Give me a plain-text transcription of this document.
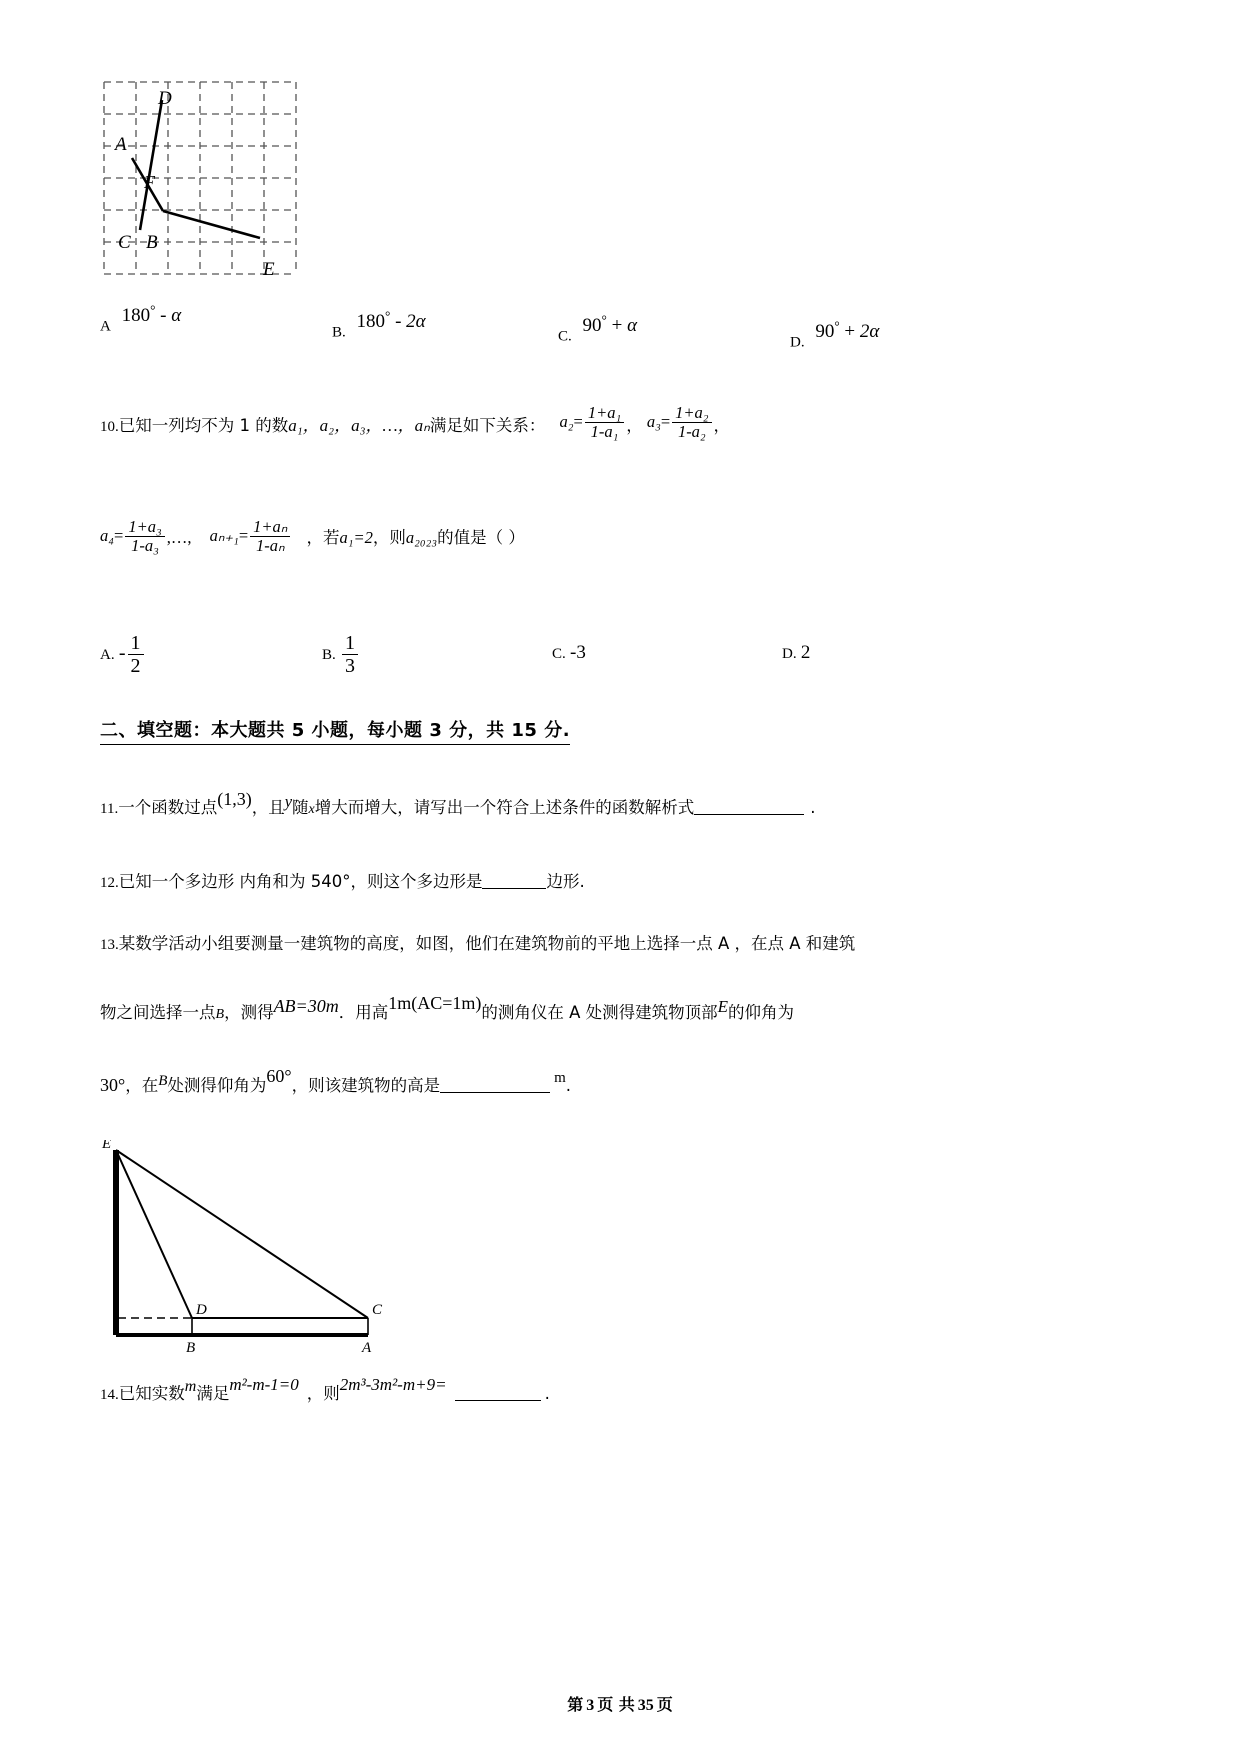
A
B
C
D
E
F
A 180° - α
B. 180° - 2α
C. 90° + α
D. 90° + 2α
10.已知一列均不为 1 的数a₁，a₂，a₃，…，aₙ满足如下关系： $a_2= \frac{\text{1+a₁}}{\text{1-a₁}}$ ， $a_3= \frac{\text{1+a₂}}{\text{1-a₂}}$ ，
$a_4= \frac{\text{1+a₃}}{\text{1-a₃}}$ ,…, $a_{n+1}= \frac{\text{1+aₙ}}{\text{1-aₙ}}$ ，若a₁=2，则a₂₀₂₃的值是（ ）
A. - $\frac{1}{2}$	B. $\frac{1}{3}$	C. -3	D. 2
二、填空题：本大题共 5 小题，每小题 3 分，共 15 分.
11.一个函数过点(1,3)，且y随x增大而增大，请写出一个符合上述条件的函数解析式	.
12.已知一个多边形 内角和为 540°，则这个多边形是	边形.
13.某数学活动小组要测量一建筑物的高度，如图，他们在建筑物前的平地上选择一点 A ，在点 A 和建筑
物之间选择一点B，测得AB=30m．用高1m(AC=1m)的测角仪在 A 处测得建筑物顶部E的仰角为
30°，在B处测得仰角为60°，则该建筑物的高是	m.
E
D	C
B	A
14.已知实数m满足m²-m-1=0 ，则2m³-3m²-m+9=	.
第 3 页 共 35 页
